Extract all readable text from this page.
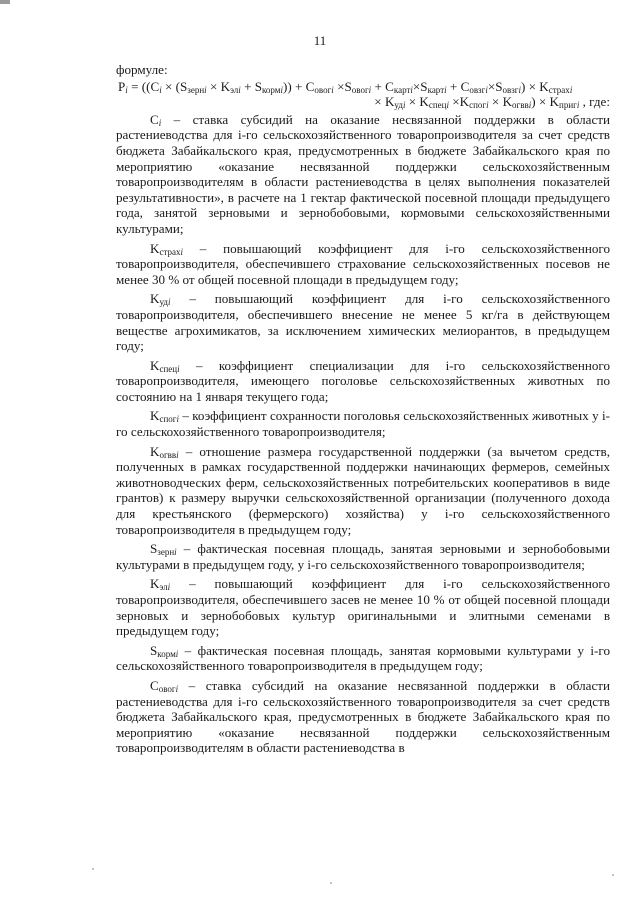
11

формуле:

$P_i = ((C_i \times (S_{зернi} \times K_{элi} + S_{кормi})) + C_{овогi} \times S_{овогi} + C_{картi}\times S_{картi} + C_{овзгi}\times S_{овзгi}) \times K_{страхi}$
× $K_{удi} \times K_{спецi} \times K_{спогi} \times K_{огввi}) \times K_{пригi}$ , где:

$C_i$ – ставка субсидий на оказание несвязанной поддержки в области растениеводства для i-го сельскохозяйственного товаропроизводителя за счет средств бюджета Забайкальского края, предусмотренных в бюджете Забайкальского края по мероприятию «оказание несвязанной поддержки сельскохозяйственным товаропроизводителям в области растениеводства в целях выполнения показателей результативности», в расчете на 1 гектар фактической посевной площади предыдущего года, занятой зерновыми и зернобобовыми, кормовыми сельскохозяйственными культурами;

$K_{страхi}$ – повышающий коэффициент для i-го сельскохозяйственного товаропроизводителя, обеспечившего страхование сельскохозяйственных посевов не менее 30 % от общей посевной площади в предыдущем году;

$K_{удi}$ – повышающий коэффициент для i-го сельскохозяйственного товаропроизводителя, обеспечившего внесение не менее 5 кг/га в действующем веществе агрохимикатов, за исключением химических мелиорантов, в предыдущем году;

$K_{спецi}$ – коэффициент специализации для i-го сельскохозяйственного товаропроизводителя, имеющего поголовье сельскохозяйственных животных по состоянию на 1 января текущего года;

$K_{спогi}$ – коэффициент сохранности поголовья сельскохозяйственных животных у i-го сельскохозяйственного товаропроизводителя;

$K_{огввi}$ – отношение размера государственной поддержки (за вычетом средств, полученных в рамках государственной поддержки начинающих фермеров, семейных животноводческих ферм, сельскохозяйственных потребительских кооперативов в виде грантов) к размеру выручки сельскохозяйственной организации (полученного дохода для крестьянского (фермерского) хозяйства) у i-го сельскохозяйственного товаропроизводителя в предыдущем году;

$S_{зернi}$ – фактическая посевная площадь, занятая зерновыми и зернобобовыми культурами в предыдущем году, у i-го сельскохозяйственного товаропроизводителя;

$K_{элi}$ – повышающий коэффициент для i-го сельскохозяйственного товаропроизводителя, обеспечившего засев не менее 10 % от общей посевной площади зерновых и зернобобовых культур оригинальными и элитными семенами в предыдущем году;

$S_{кормi}$ – фактическая посевная площадь, занятая кормовыми культурами у i-го сельскохозяйственного товаропроизводителя в предыдущем году;

$C_{овогi}$ – ставка субсидий на оказание несвязанной поддержки в области растениеводства для i-го сельскохозяйственного товаропроизводителя за счет средств бюджета Забайкальского края, предусмотренных в бюджете Забайкальского края по мероприятию «оказание несвязанной поддержки сельскохозяйственным товаропроизводителям в области растениеводства в
